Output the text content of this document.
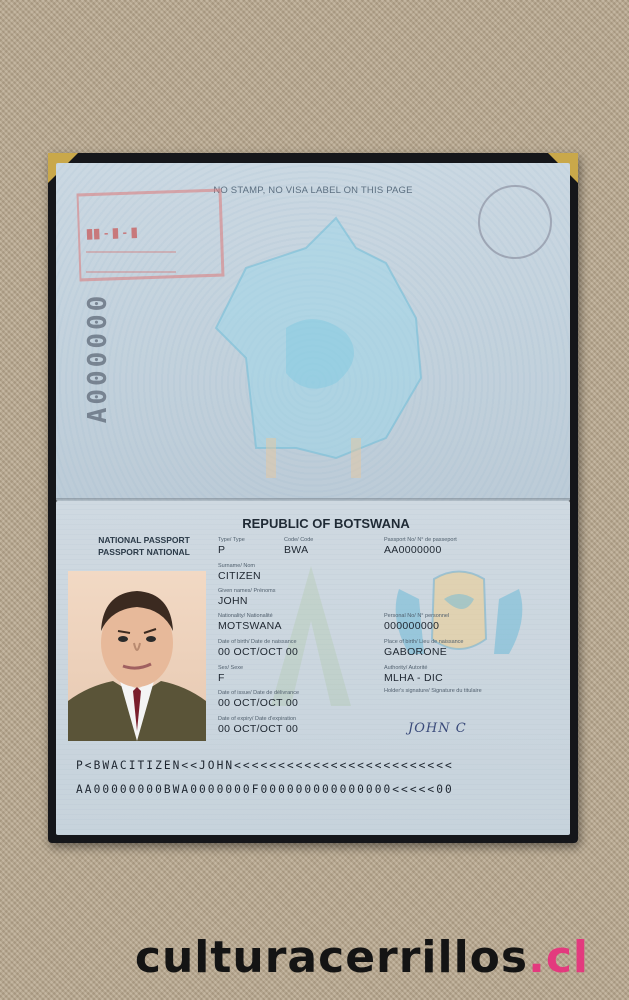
NO STAMP, NO VISA LABEL ON THIS PAGE
▮▮ ‑ ▮ ‑ ▮
A000000
NATIONAL PASSPORT
PASSPORT NATIONAL
REPUBLIC OF BOTSWANA
Type/ Type
P
Code/ Code
BWA
Passport No/ N° de passeport
AA0000000
Surname/ Nom
CITIZEN
Given names/ Prénoms
JOHN
Nationality/ Nationalité
MOTSWANA
Date of birth/ Date de naissance
00 OCT/OCT 00
Sex/ Sexe
F
Date of issue/ Date de délivrance
00 OCT/OCT 00
Date of expiry/ Date d'expiration
00 OCT/OCT 00
Personal No/ N° personnel
000000000
Place of birth/ Lieu de naissance
GABORONE
Authority/ Autorité
MLHA - DIC
Holder's signature/ Signature du titulaire
JOHN C
P<BWACITIZEN<<JOHN<<<<<<<<<<<<<<<<<<<<<<<<<
AA00000000BWA0000000F000000000000000<<<<<00
culturacerrillos.cl
